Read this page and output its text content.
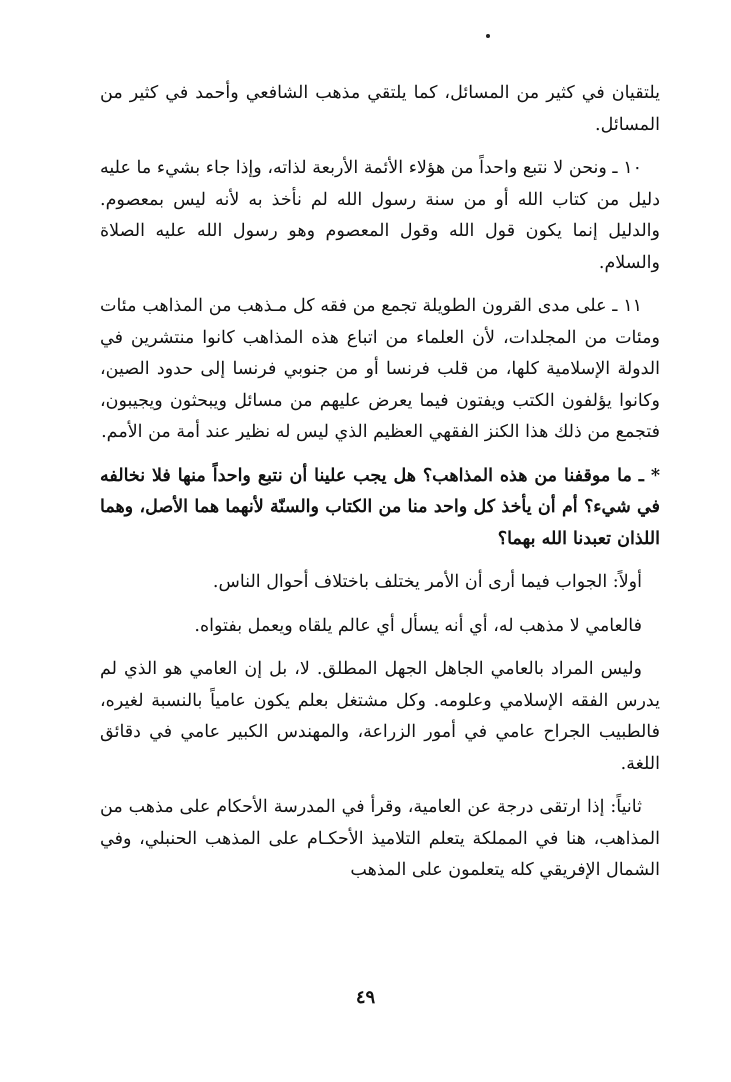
يلتقيان في كثير من المسائل، كما يلتقي مذهب الشافعي وأحمد في كثير من المسائل.

١٠ ـ ونحن لا نتبع واحداً من هؤلاء الأئمة الأربعة لذاته، وإذا جاء بشيء ما عليه دليل من كتاب الله أو من سنة رسول الله لم نأخذ به لأنه ليس بمعصوم. والدليل إنما يكون قول الله وقول المعصوم وهو رسول الله عليه الصلاة والسلام.

١١ ـ على مدى القرون الطويلة تجمع من فقه كل مـذهب من المذاهب مئات ومئات من المجلدات، لأن العلماء من اتباع هذه المذاهب كانوا منتشرين في الدولة الإسلامية كلها، من قلب فرنسا أو من جنوبي فرنسا إلى حدود الصين، وكانوا يؤلفون الكتب ويفتون فيما يعرض عليهم من مسائل ويبحثون ويجيبون، فتجمع من ذلك هذا الكنز الفقهي العظيم الذي ليس له نظير عند أمة من الأمم.

* ـ ما موقفنا من هذه المذاهب؟ هل يجب علينا أن نتبع واحداً منها فلا نخالفه في شيء؟ أم أن يأخذ كل واحد منا من الكتاب والسنّة لأنهما هما الأصل، وهما اللذان تعبدنا الله بهما؟

أولاً: الجواب فيما أرى أن الأمر يختلف باختلاف أحوال الناس.

فالعامي لا مذهب له، أي أنه يسأل أي عالم يلقاه ويعمل بفتواه.

وليس المراد بالعامي الجاهل الجهل المطلق. لا، بل إن العامي هو الذي لم يدرس الفقه الإسلامي وعلومه. وكل مشتغل بعلم يكون عامياً بالنسبة لغيره، فالطبيب الجراح عامي في أمور الزراعة، والمهندس الكبير عامي في دقائق اللغة.

ثانياً: إذا ارتقى درجة عن العامية، وقرأ في المدرسة الأحكام على مذهب من المذاهب، هنا في المملكة يتعلم التلاميذ الأحكـام على المذهب الحنبلي، وفي الشمال الإفريقي كله يتعلمون على المذهب

٤٩
